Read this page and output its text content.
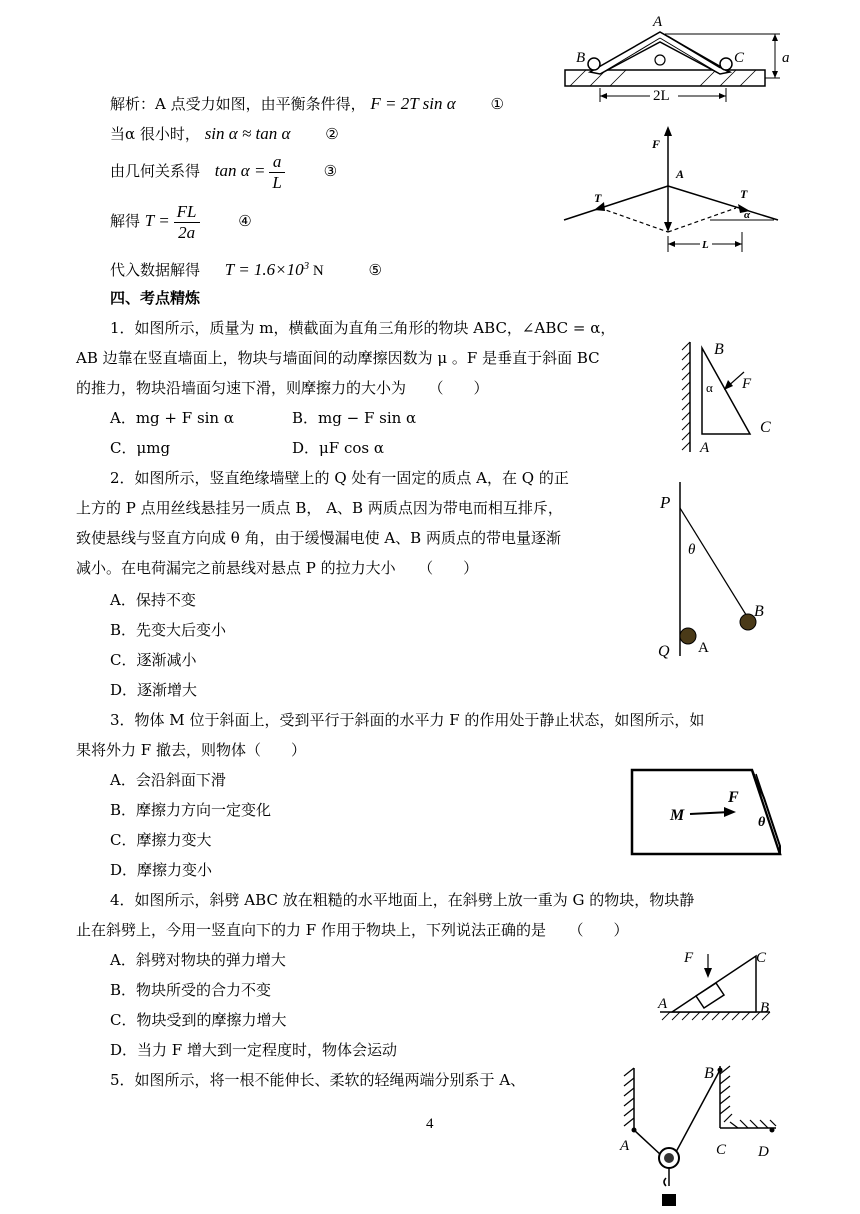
解析：A 点受力如图，由平衡条件得， F = 2T sin α ①
当α 很小时， sin α ≈ tan α ②
由几何关系得 $\tan \alpha = \frac{a}{L}$	③
解得 $T = \frac{FL}{2a}$	④
代入数据解得 $T = 1.6\times 10^3$ N	⑤
四、考点精炼
1．如图所示，质量为 m，横截面为直角三角形的物块 ABC，∠ABC = α，
AB 边靠在竖直墙面上，物块与墙面间的动摩擦因数为 μ 。F 是垂直于斜面 BC
的推力，物块沿墙面匀速下滑，则摩擦力的大小为　　（　　）
A．mg + F sin α	B．mg − F sin α
C．μmg	D．μF cos α
2．如图所示，竖直绝缘墙壁上的 Q 处有一固定的质点 A，在 Q 的正
上方的 P 点用丝线悬挂另一质点 B， A、B 两质点因为带电而相互排斥，
致使悬线与竖直方向成 θ 角，由于缓慢漏电使 A、B 两质点的带电量逐渐
减小。在电荷漏完之前悬线对悬点 P 的拉力大小　　（　　）
A．保持不变
B．先变大后变小
C．逐渐减小
D．逐渐增大
3．物体 M 位于斜面上，受到平行于斜面的水平力 F 的作用处于静止状态，如图所示，如
果将外力 F 撤去，则物体（　　）
A．会沿斜面下滑
B．摩擦力方向一定变化
C．摩擦力变大
D．摩擦力变小
4．如图所示，斜劈 ABC 放在粗糙的水平地面上，在斜劈上放一重为 G 的物块，物块静
止在斜劈上，今用一竖直向下的力 F 作用于物块上，下列说法正确的是　　（　　）
A．斜劈对物块的弹力增大
B．物块所受的合力不变
C．物块受到的摩擦力增大
D．当力 F 增大到一定程度时，物体会运动
5．如图所示，将一根不能伸长、柔软的轻绳两端分别系于 A、
4
A
B	C	a
2L
F
A
T	T
α
L
B
F
α
C
A
P
θ
B
Q A
M
F
θ
F	C
A	B
B
A	C D
